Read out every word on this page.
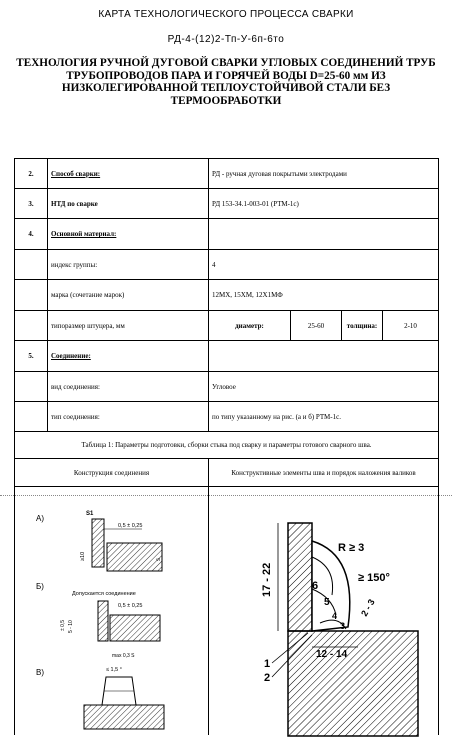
КАРТА ТЕХНОЛОГИЧЕСКОГО ПРОЦЕССА СВАРКИ
РД-4-(12)2-Тп-У-6п-6то
ТЕХНОЛОГИЯ РУЧНОЙ ДУГОВОЙ СВАРКИ УГЛОВЫХ СОЕДИНЕНИЙ ТРУБ ТРУБОПРОВОДОВ ПАРА И ГОРЯЧЕЙ ВОДЫ D=25-60 мм ИЗ НИЗКОЛЕГИРОВАННОЙ ТЕПЛОУСТОЙЧИВОЙ СТАЛИ БЕЗ ТЕРМООБРАБОТКИ
2.	Способ сварки:	РД - ручная дуговая покрытыми электродами			
3.	НТД по сварке	РД 153-34.1-003-01 (РТМ-1с)			
4.	Основной материал:				
	индекс группы:	4			
	марка (сочетание марок)	12МХ, 15ХМ, 12Х1МФ			
	типоразмер штуцера, мм	диаметр:	25-60	толщина:	2-10
5.	Соединение:				
	вид соединения:	Угловое			
	тип соединения:	по типу указанному на рис. (а и б) РТМ-1с.			
Таблица 1: Параметры подготовки, сборки стыка под сварку и параметры готового сварного шва.					
Конструкция соединения		Конструктивные элементы шва и порядок наложения валиков			

А)	S1
0,5 ± 0,25
≥10	s
Б)
Допускается соединение
0,5 ± 0,25
5 - 10
± 0,5
max 0,3 S
В)	≤ 1,5 °
6
5
4
3
R ≥ 3
≥ 150°
2 - 3
17 - 22
12 - 14
1
2
